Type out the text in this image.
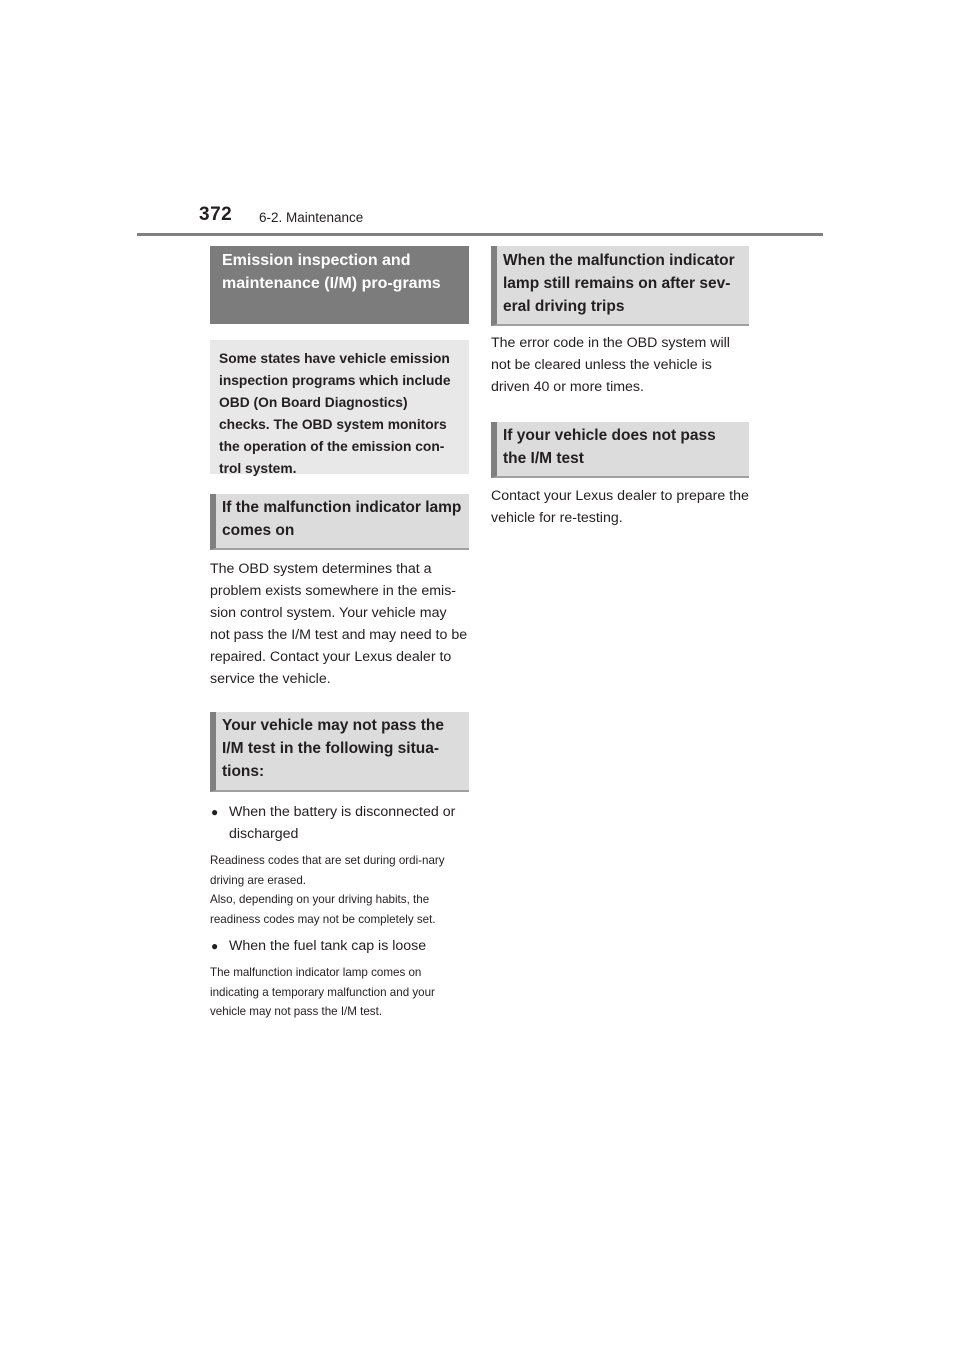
372 6-2. Maintenance
Emission inspection and maintenance (I/M) pro-grams
Some states have vehicle emission inspection programs which include OBD (On Board Diagnostics) checks. The OBD system monitors the operation of the emission con-trol system.
If the malfunction indicator lamp comes on

The OBD system determines that a problem exists somewhere in the emis-sion control system. Your vehicle may not pass the I/M test and may need to be repaired. Contact your Lexus dealer to service the vehicle.

Your vehicle may not pass the I/M test in the following situa-tions:
● When the battery is disconnected or discharged

Readiness codes that are set during ordi-nary driving are erased.

Also, depending on your driving habits, the readiness codes may not be completely set.

● When the fuel tank cap is loose

The malfunction indicator lamp comes on indicating a temporary malfunction and your vehicle may not pass the I/M test.

When the malfunction indicator lamp still remains on after sev-eral driving trips

The error code in the OBD system will not be cleared unless the vehicle is driven 40 or more times.

If your vehicle does not pass the I/M test

Contact your Lexus dealer to prepare the vehicle for re-testing.
